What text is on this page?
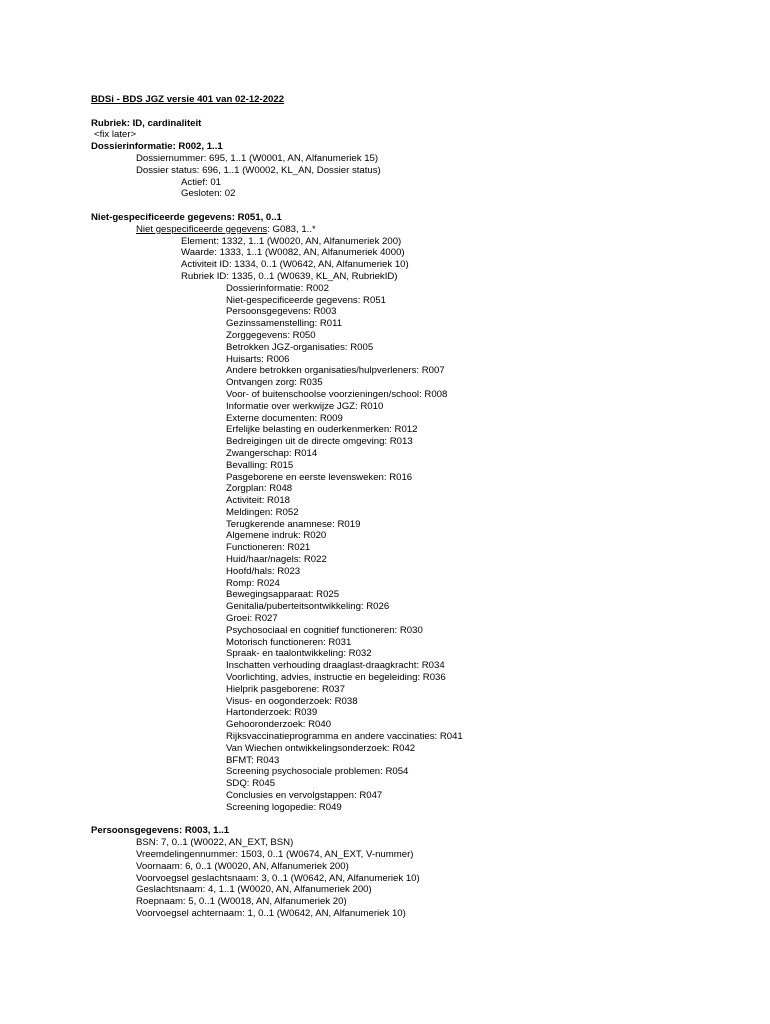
BDSi - BDS JGZ versie 401 van 02-12-2022
Rubriek: ID, cardinaliteit
<fix later>
Dossierinformatie: R002, 1..1
Dossiernummer: 695, 1..1 (W0001, AN, Alfanumeriek 15)
Dossier status: 696, 1..1 (W0002, KL_AN, Dossier status)
Actief: 01
Gesloten: 02
Niet-gespecificeerde gegevens: R051, 0..1
Niet gespecificeerde gegevens: G083, 1..*
Element: 1332, 1..1 (W0020, AN, Alfanumeriek 200)
Waarde: 1333, 1..1 (W0082, AN, Alfanumeriek 4000)
Activiteit ID: 1334, 0..1 (W0642, AN, Alfanumeriek 10)
Rubriek ID: 1335, 0..1 (W0639, KL_AN, RubriekID)
Dossierinformatie: R002
Niet-gespecificeerde gegevens: R051
Persoonsgegevens: R003
Gezinssamenstelling: R011
Zorggegevens: R050
Betrokken JGZ-organisaties: R005
Huisarts: R006
Andere betrokken organisaties/hulpverleners: R007
Ontvangen zorg: R035
Voor- of buitenschoolse voorzieningen/school: R008
Informatie over werkwijze JGZ: R010
Externe documenten: R009
Erfelijke belasting en ouderkenmerken: R012
Bedreigingen uit de directe omgeving: R013
Zwangerschap: R014
Bevalling: R015
Pasgeborene en eerste levensweken: R016
Zorgplan: R048
Activiteit: R018
Meldingen: R052
Terugkerende anamnese: R019
Algemene indruk: R020
Functioneren: R021
Huid/haar/nagels: R022
Hoofd/hals: R023
Romp: R024
Bewegingsapparaat: R025
Genitalia/puberteitsontwikkeling: R026
Groei: R027
Psychosociaal en cognitief functioneren: R030
Motorisch functioneren: R031
Spraak- en taalontwikkeling: R032
Inschatten verhouding draaglast-draagkracht: R034
Voorlichting, advies, instructie en begeleiding: R036
Hielprik pasgeborene: R037
Visus- en oogonderzoek: R038
Hartonderzoek: R039
Gehooronderzoek: R040
Rijksvaccinatieprogramma en andere vaccinaties: R041
Van Wiechen ontwikkelingsonderzoek: R042
BFMT: R043
Screening psychosociale problemen: R054
SDQ: R045
Conclusies en vervolgstappen: R047
Screening logopedie: R049
Persoonsgegevens: R003, 1..1
BSN: 7, 0..1 (W0022, AN_EXT, BSN)
Vreemdelingennummer: 1503, 0..1 (W0674, AN_EXT, V-nummer)
Voornaam: 6, 0..1 (W0020, AN, Alfanumeriek 200)
Voorvoegsel geslachtsnaam: 3, 0..1 (W0642, AN, Alfanumeriek 10)
Geslachtsnaam: 4, 1..1 (W0020, AN, Alfanumeriek 200)
Roepnaam: 5, 0..1 (W0018, AN, Alfanumeriek 20)
Voorvoegsel achternaam: 1, 0..1 (W0642, AN, Alfanumeriek 10)
